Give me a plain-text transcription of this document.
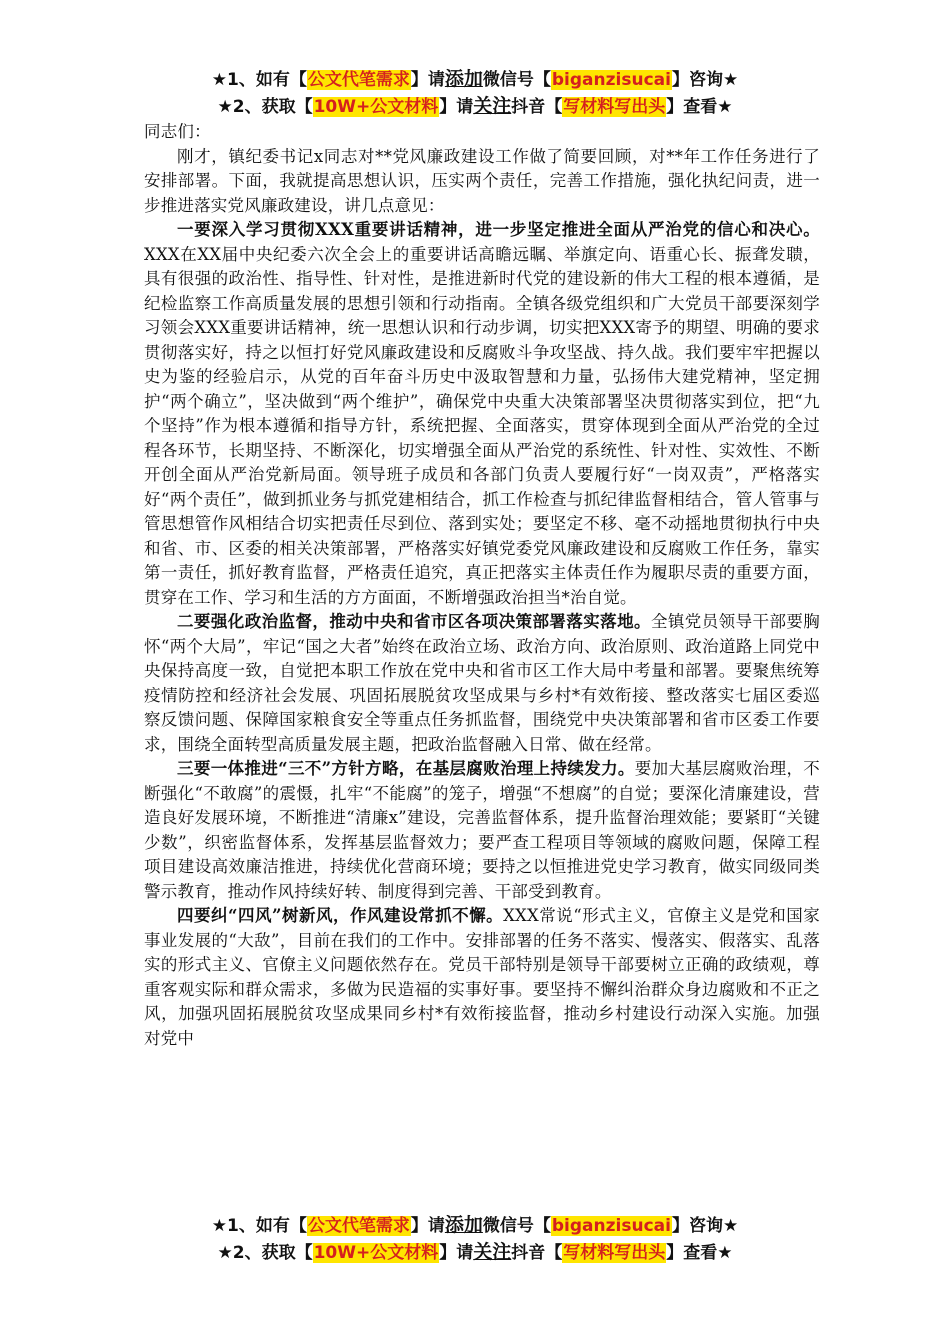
★1、如有【公文代笔需求】请添加微信号【biganzisucai】咨询★
★2、获取【10W+公文材料】请关注抖音【写材料写出头】查看★

同志们：

刚才，镇纪委书记x同志对**党风廉政建设工作做了简要回顾，对**年工作任务进行了安排部署。下面，我就提高思想认识，压实两个责任，完善工作措施，强化执纪问责，进一步推进落实党风廉政建设，讲几点意见：

一要深入学习贯彻XXX重要讲话精神，进一步坚定推进全面从严治党的信心和决心。XXX在XX届中央纪委六次全会上的重要讲话高瞻远瞩、举旗定向、语重心长、振聋发聩，具有很强的政治性、指导性、针对性，是推进新时代党的建设新的伟大工程的根本遵循，是纪检监察工作高质量发展的思想引领和行动指南。全镇各级党组织和广大党员干部要深刻学习领会XXX重要讲话精神，统一思想认识和行动步调，切实把XXX寄予的期望、明确的要求贯彻落实好，持之以恒打好党风廉政建设和反腐败斗争攻坚战、持久战。我们要牢牢把握以史为鉴的经验启示，从党的百年奋斗历史中汲取智慧和力量，弘扬伟大建党精神，坚定拥护“两个确立”，坚决做到“两个维护”，确保党中央重大决策部署坚决贯彻落实到位，把“九个坚持”作为根本遵循和指导方针，系统把握、全面落实，贯穿体现到全面从严治党的全过程各环节，长期坚持、不断深化，切实增强全面从严治党的系统性、针对性、实效性、不断开创全面从严治党新局面。领导班子成员和各部门负责人要履行好“一岗双责”，严格落实好“两个责任”，做到抓业务与抓党建相结合，抓工作检查与抓纪律监督相结合，管人管事与管思想管作风相结合切实把责任尽到位、落到实处；要坚定不移、毫不动摇地贯彻执行中央和省、市、区委的相关决策部署，严格落实好镇党委党风廉政建设和反腐败工作任务，靠实第一责任，抓好教育监督，严格责任追究，真正把落实主体责任作为履职尽责的重要方面，贯穿在工作、学习和生活的方方面面，不断增强政治担当*治自觉。

二要强化政治监督，推动中央和省市区各项决策部署落实落地。全镇党员领导干部要胸怀“两个大局”，牢记“国之大者”始终在政治立场、政治方向、政治原则、政治道路上同党中央保持高度一致，自觉把本职工作放在党中央和省市区工作大局中考量和部署。要聚焦统筹疫情防控和经济社会发展、巩固拓展脱贫攻坚成果与乡村*有效衔接、整改落实七届区委巡察反馈问题、保障国家粮食安全等重点任务抓监督，围绕党中央决策部署和省市区委工作要求，围绕全面转型高质量发展主题，把政治监督融入日常、做在经常。

三要一体推进“三不”方针方略，在基层腐败治理上持续发力。要加大基层腐败治理，不断强化“不敢腐”的震慑，扎牢“不能腐”的笼子，增强“不想腐”的自觉；要深化清廉建设，营造良好发展环境，不断推进“清廉x”建设，完善监督体系，提升监督治理效能；要紧盯“关键少数”，织密监督体系，发挥基层监督效力；要严查工程项目等领域的腐败问题，保障工程项目建设高效廉洁推进，持续优化营商环境；要持之以恒推进党史学习教育，做实同级同类警示教育，推动作风持续好转、制度得到完善、干部受到教育。

四要纠“四风”树新风，作风建设常抓不懈。XXX常说“形式主义，官僚主义是党和国家事业发展的“大敌”，目前在我们的工作中。安排部署的任务不落实、慢落实、假落实、乱落实的形式主义、官僚主义问题依然存在。党员干部特别是领导干部要树立正确的政绩观，尊重客观实际和群众需求，多做为民造福的实事好事。要坚持不懈纠治群众身边腐败和不正之风，加强巩固拓展脱贫攻坚成果同乡村*有效衔接监督，推动乡村建设行动深入实施。加强对党中

★1、如有【公文代笔需求】请添加微信号【biganzisucai】咨询★
★2、获取【10W+公文材料】请关注抖音【写材料写出头】查看★
